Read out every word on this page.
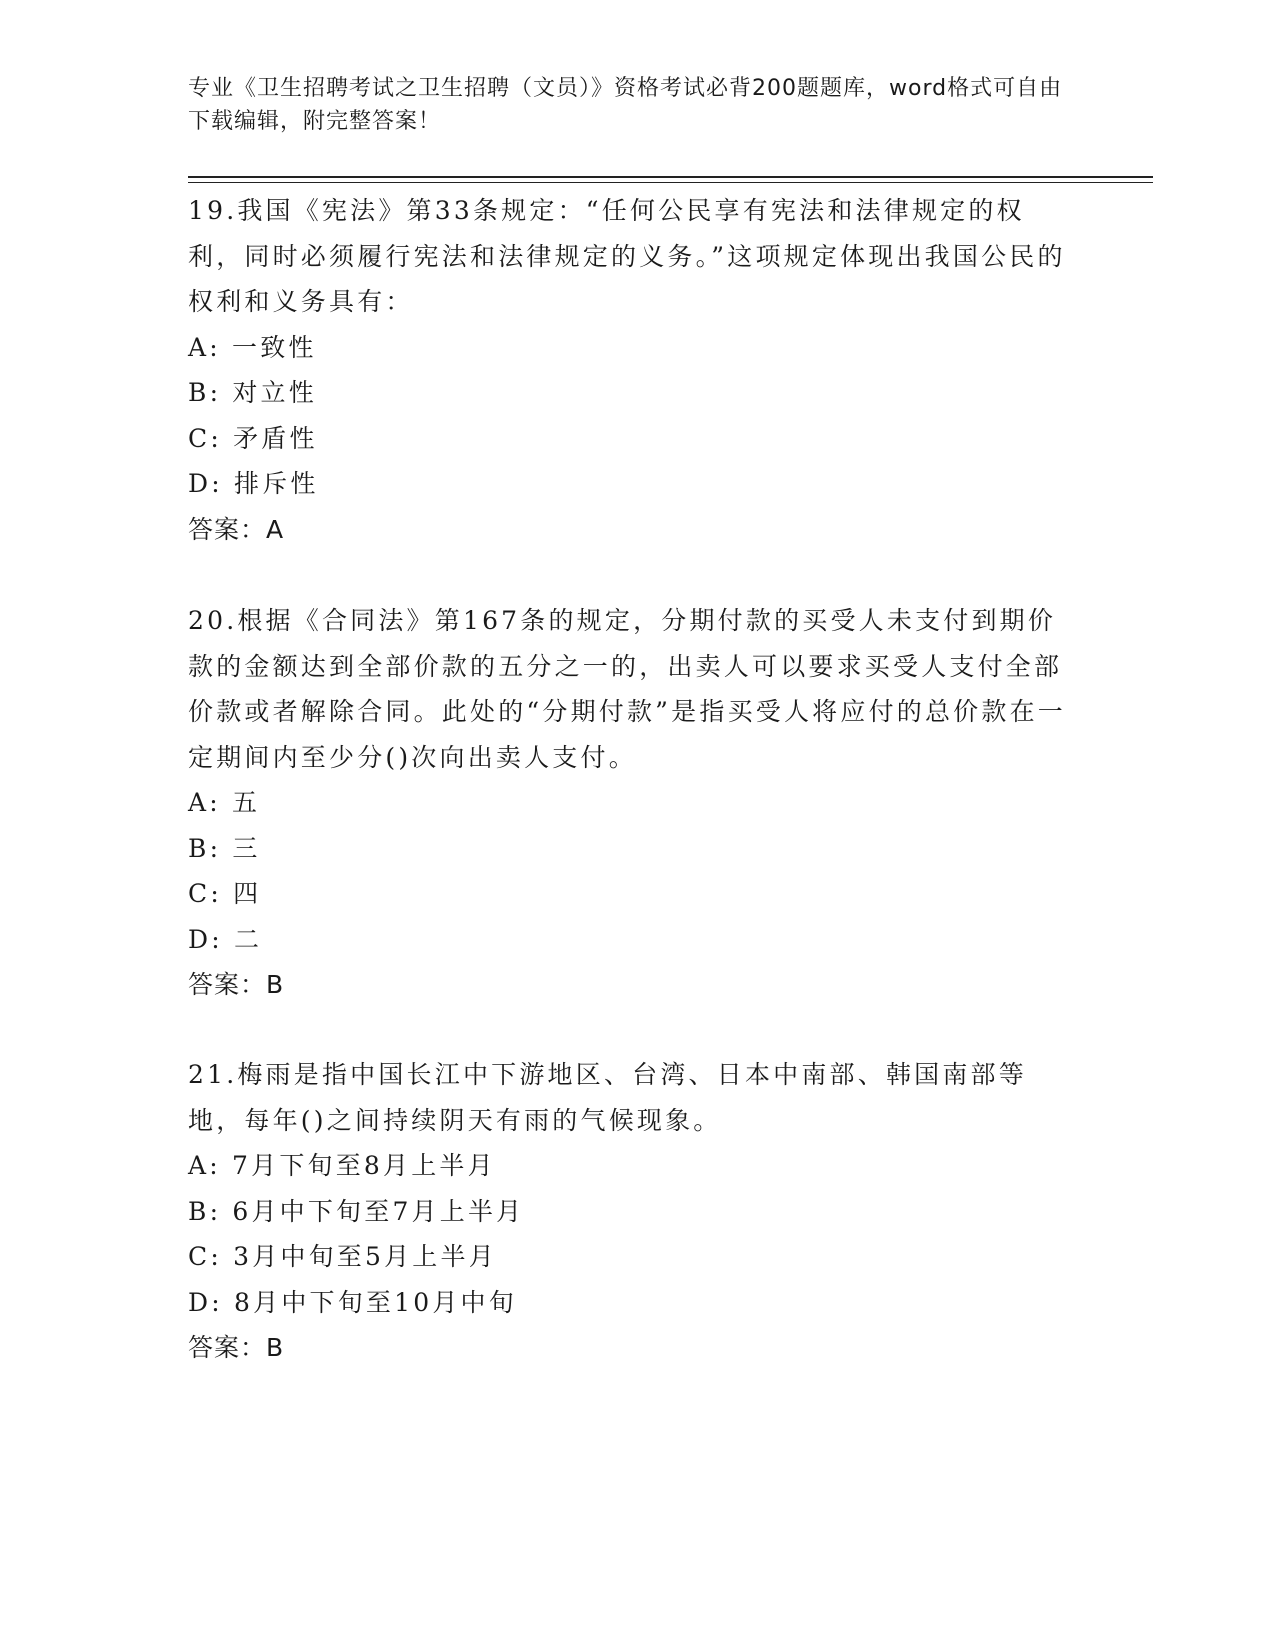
专业《卫生招聘考试之卫生招聘（文员）》资格考试必背200题题库，word格式可自由下载编辑，附完整答案！
19.我国《宪法》第33条规定：“任何公民享有宪法和法律规定的权利，同时必须履行宪法和法律规定的义务。”这项规定体现出我国公民的权利和义务具有：
A: 一致性
B: 对立性
C: 矛盾性
D: 排斥性
答案：A
20.根据《合同法》第167条的规定，分期付款的买受人未支付到期价款的金额达到全部价款的五分之一的，出卖人可以要求买受人支付全部价款或者解除合同。此处的“分期付款”是指买受人将应付的总价款在一定期间内至少分()次向出卖人支付。
A: 五
B: 三
C: 四
D: 二
答案：B
21.梅雨是指中国长江中下游地区、台湾、日本中南部、韩国南部等地，每年()之间持续阴天有雨的气候现象。
A: 7月下旬至8月上半月
B: 6月中下旬至7月上半月
C: 3月中旬至5月上半月
D: 8月中下旬至10月中旬
答案：B
